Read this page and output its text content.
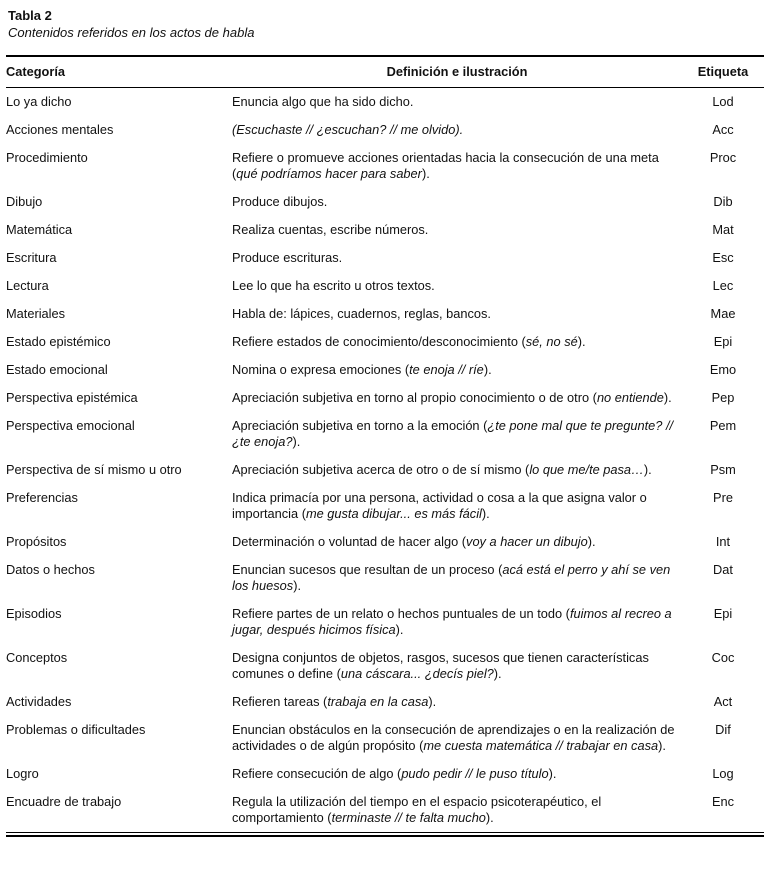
Tabla 2
Contenidos referidos en los actos de habla
Categoría	Definición e ilustración	Etiqueta
Lo ya dicho	Enuncia algo que ha sido dicho.	Lod
Acciones mentales	(Escuchaste // ¿escuchan? // me olvido).	Acc
Procedimiento	Refiere o promueve acciones orientadas hacia la consecución de una meta (qué podríamos hacer para saber).	Proc
Dibujo	Produce dibujos.	Dib
Matemática	Realiza cuentas, escribe números.	Mat
Escritura	Produce escrituras.	Esc
Lectura	Lee lo que ha escrito u otros textos.	Lec
Materiales	Habla de: lápices, cuadernos, reglas, bancos.	Mae
Estado epistémico	Refiere estados de conocimiento/desconocimiento (sé, no sé).	Epi
Estado emocional	Nomina o expresa emociones (te enoja // ríe).	Emo
Perspectiva epistémica	Apreciación subjetiva en torno al propio conocimiento o de otro (no entiende).	Pep
Perspectiva emocional	Apreciación subjetiva en torno a la emoción (¿te pone mal que te pregunte? // ¿te enoja?).	Pem
Perspectiva de sí mismo u otro	Apreciación subjetiva acerca de otro o de sí mismo (lo que me/te pasa…).	Psm
Preferencias	Indica primacía por una persona, actividad o cosa a la que asigna valor o importancia (me gusta dibujar... es más fácil).	Pre
Propósitos	Determinación o voluntad de hacer algo (voy a hacer un dibujo).	Int
Datos o hechos	Enuncian sucesos que resultan de un proceso (acá está el perro y ahí se ven los huesos).	Dat
Episodios	Refiere partes de un relato o hechos puntuales de un todo (fuimos al recreo a jugar, después hicimos física).	Epi
Conceptos	Designa conjuntos de objetos, rasgos, sucesos que tienen características comunes o define (una cáscara... ¿decís piel?).	Coc
Actividades	Refieren tareas (trabaja en la casa).	Act
Problemas o dificultades	Enuncian obstáculos en la consecución de aprendizajes o en la realización de actividades o de algún propósito (me cuesta matemática // trabajar en casa).	Dif
Logro	Refiere consecución de algo (pudo pedir // le puso título).	Log
Encuadre de trabajo	Regula la utilización del tiempo en el espacio psicoterapéutico, el comportamiento (terminaste // te falta mucho).	Enc
